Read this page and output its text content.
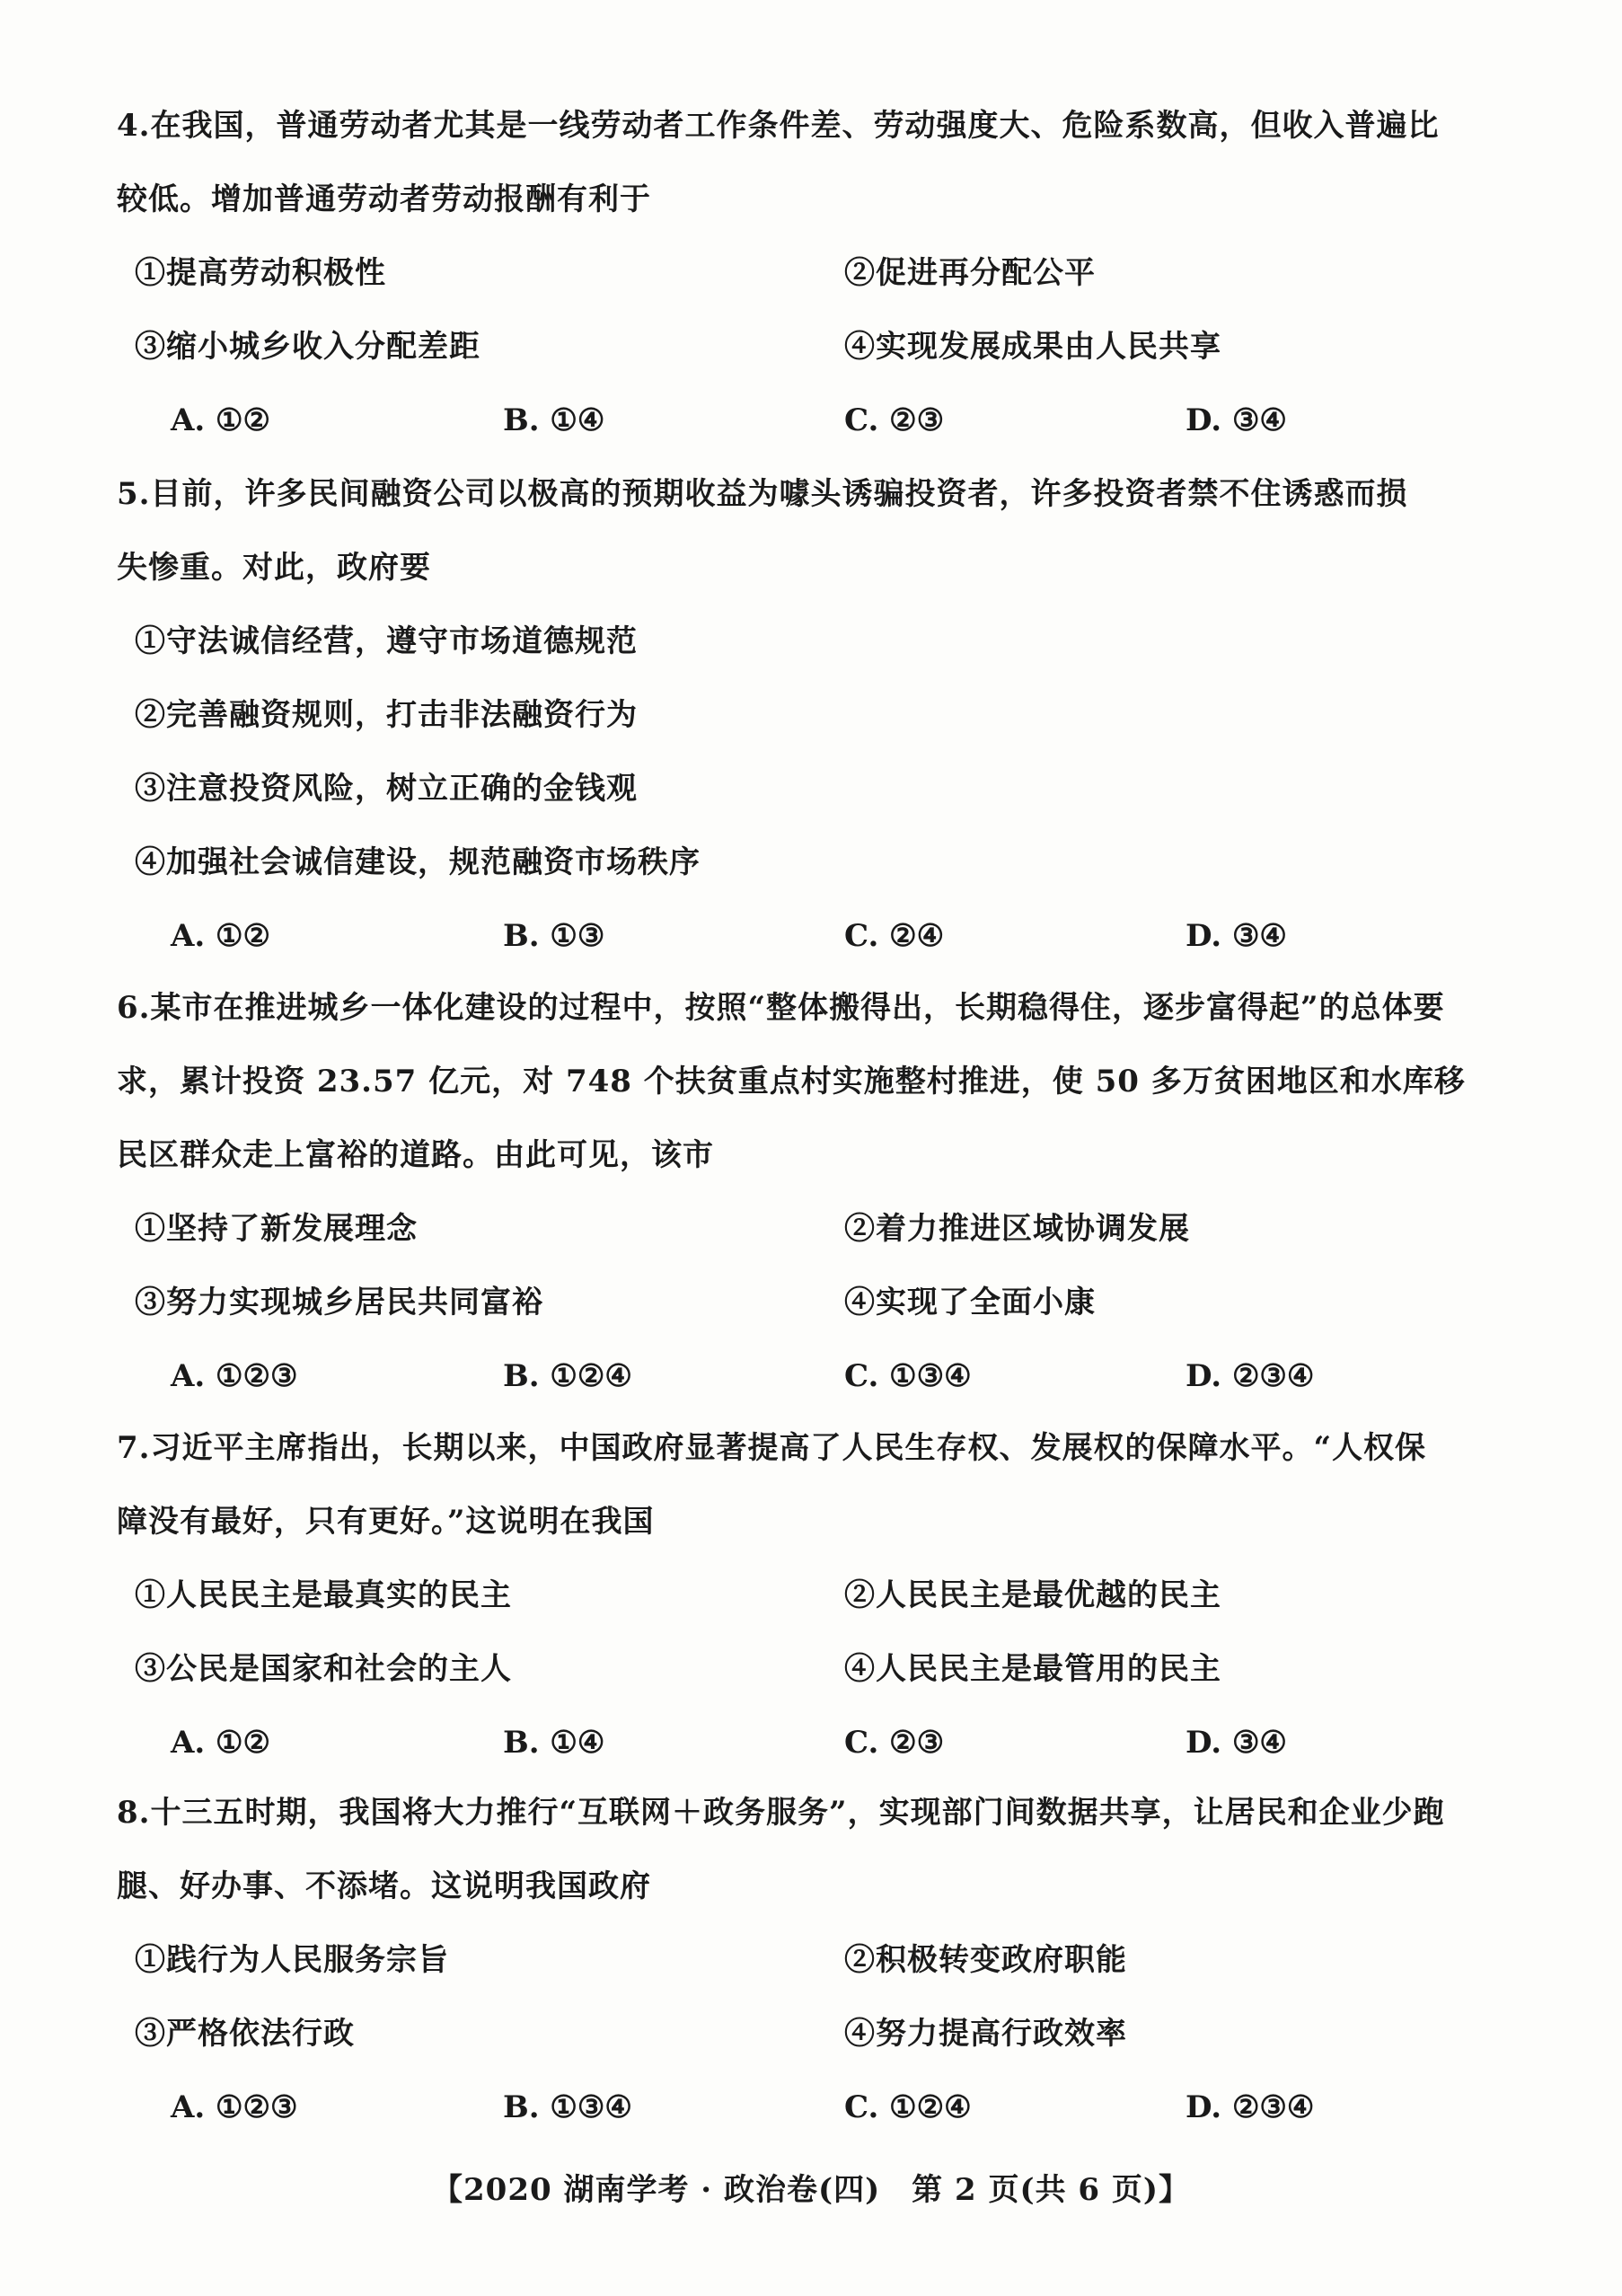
4.在我国，普通劳动者尤其是一线劳动者工作条件差、劳动强度大、危险系数高，但收入普遍比
较低。增加普通劳动者劳动报酬有利于
①提高劳动积极性	②促进再分配公平
③缩小城乡收入分配差距	④实现发展成果由人民共享
A. ①②	B. ①④	C. ②③	D. ③④
5.目前，许多民间融资公司以极高的预期收益为噱头诱骗投资者，许多投资者禁不住诱惑而损
失惨重。对此，政府要
①守法诚信经营，遵守市场道德规范
②完善融资规则，打击非法融资行为
③注意投资风险，树立正确的金钱观
④加强社会诚信建设，规范融资市场秩序
A. ①②	B. ①③	C. ②④	D. ③④
6.某市在推进城乡一体化建设的过程中，按照“整体搬得出，长期稳得住，逐步富得起”的总体要
求，累计投资 23.57 亿元，对 748 个扶贫重点村实施整村推进，使 50 多万贫困地区和水库移
民区群众走上富裕的道路。由此可见，该市
①坚持了新发展理念	②着力推进区域协调发展
③努力实现城乡居民共同富裕	④实现了全面小康
A. ①②③	B. ①②④	C. ①③④	D. ②③④
7.习近平主席指出，长期以来，中国政府显著提高了人民生存权、发展权的保障水平。“人权保
障没有最好，只有更好。”这说明在我国
①人民民主是最真实的民主	②人民民主是最优越的民主
③公民是国家和社会的主人	④人民民主是最管用的民主
A. ①②	B. ①④	C. ②③	D. ③④
8.十三五时期，我国将大力推行“互联网＋政务服务”，实现部门间数据共享，让居民和企业少跑
腿、好办事、不添堵。这说明我国政府
①践行为人民服务宗旨	②积极转变政府职能
③严格依法行政	④努力提高行政效率
A. ①②③	B. ①③④	C. ①②④	D. ②③④
【2020 湖南学考 · 政治卷(四)　第 2 页(共 6 页)】
